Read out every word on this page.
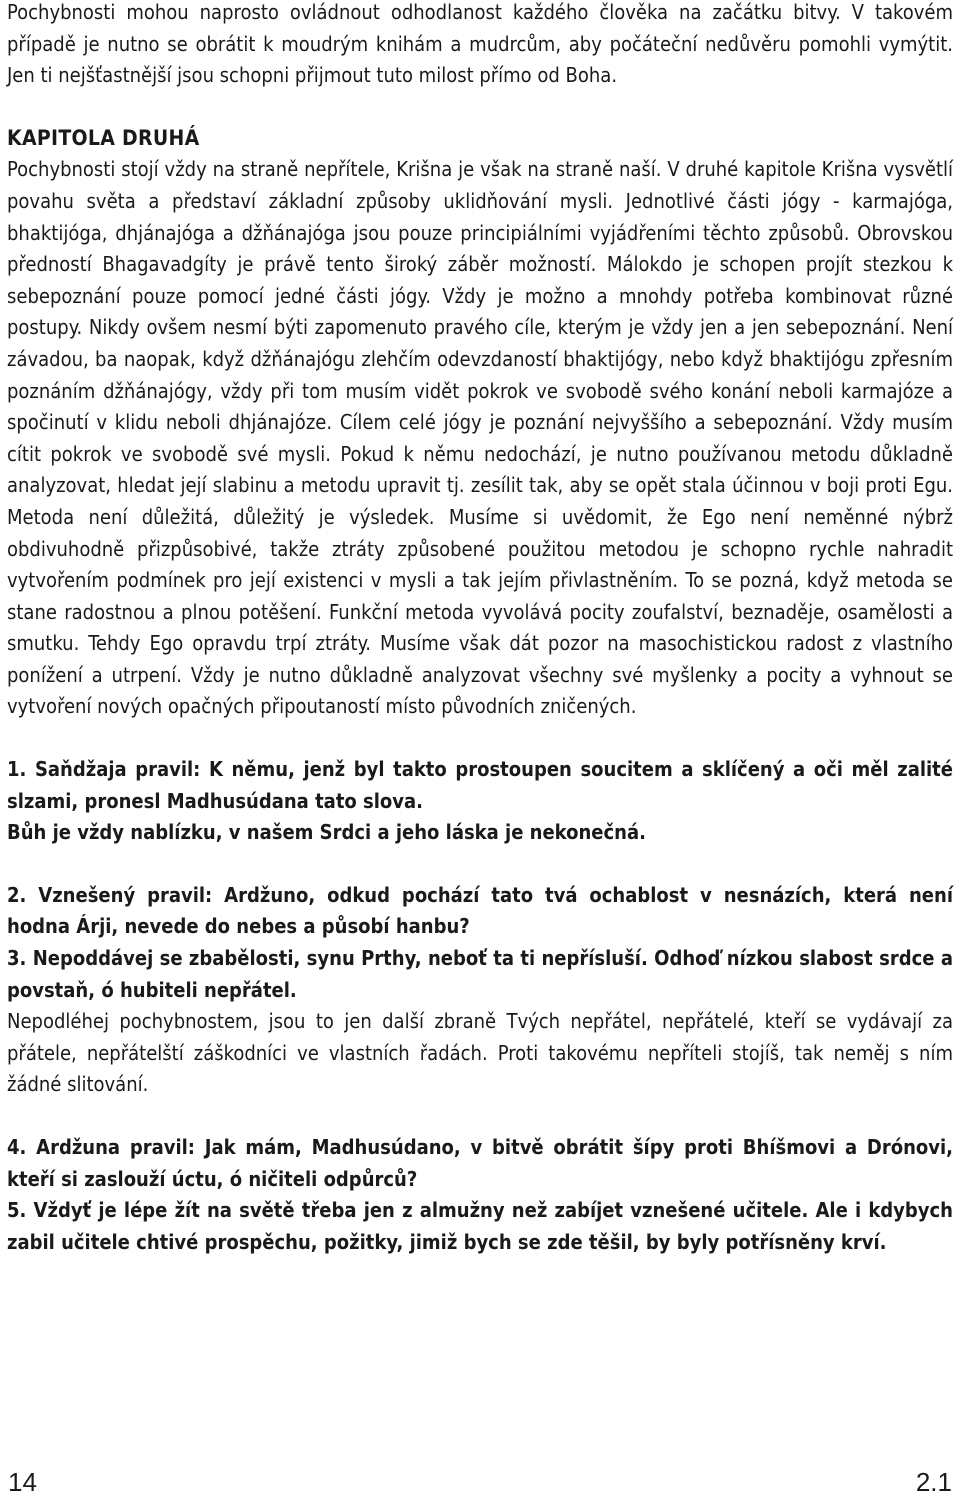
Pochybnosti mohou naprosto ovládnout odhodlanost každého člověka na začátku bitvy. V takovém případě je nutno se obrátit k moudrým knihám a mudrcům, aby počáteční nedůvěru pomohli vymýtit. Jen ti nejšťastnější jsou schopni přijmout tuto milost přímo od Boha.

KAPITOLA DRUHÁ

Pochybnosti stojí vždy na straně nepřítele, Krišna je však na straně naší. V druhé kapitole Krišna vysvětlí povahu světa a představí základní způsoby uklidňování mysli. Jednotlivé části jógy - karmajóga, bhaktijóga, dhjánajóga a džňánajóga jsou pouze principiálními vyjádřeními těchto způsobů. Obrovskou předností Bhagavadgíty je právě tento široký záběr možností. Málokdo je schopen projít stezkou k sebepoznání pouze pomocí jedné části jógy. Vždy je možno a mnohdy potřeba kombinovat různé postupy. Nikdy ovšem nesmí býti zapomenuto pravého cíle, kterým je vždy jen a jen sebepoznání. Není závadou, ba naopak, když džňánajógu zlehčím odevzdaností bhaktijógy, nebo když bhaktijógu zpřesním poznáním džňánajógy, vždy při tom musím vidět pokrok ve svobodě svého konání neboli karmajóze a spočinutí v klidu neboli dhjánajóze. Cílem celé jógy je poznání nejvyššího a sebepoznání. Vždy musím cítit pokrok ve svobodě své mysli. Pokud k němu nedochází, je nutno používanou metodu důkladně analyzovat, hledat její slabinu a metodu upravit tj. zesílit tak, aby se opět stala účinnou v boji proti Egu. Metoda není důležitá, důležitý je výsledek. Musíme si uvědomit, že Ego není neměnné nýbrž obdivuhodně přizpůsobivé, takže ztráty způsobené použitou metodou je schopno rychle nahradit vytvořením podmínek pro její existenci v mysli a tak jejím přivlastněním. To se pozná, když metoda se stane radostnou a plnou potěšení. Funkční metoda vyvolává pocity zoufalství, beznaděje, osamělosti a smutku. Tehdy Ego opravdu trpí ztráty. Musíme však dát pozor na masochistickou radost z vlastního ponížení a utrpení. Vždy je nutno důkladně analyzovat všechny své myšlenky a pocity a vyhnout se vytvoření nových opačných připoutaností místo původních zničených.

1. Saňdžaja pravil: K němu, jenž byl takto prostoupen soucitem a sklíčený a oči měl zalité slzami, pronesl Madhusúdana tato slova.

Bůh je vždy nablízku, v našem Srdci a jeho láska je nekonečná.

2. Vznešený pravil: Ardžuno, odkud pochází tato tvá ochablost v nesnázích, která není hodna Árji, nevede do nebes a působí hanbu?

3. Nepoddávej se zbabělosti, synu Prthy, neboť ta ti nepřísluší. Odhoď nízkou slabost srdce a povstaň, ó hubiteli nepřátel.

Nepodléhej pochybnostem, jsou to jen další zbraně Tvých nepřátel, nepřátelé, kteří se vydávají za přátele, nepřátelští záškodníci ve vlastních řadách. Proti takovému nepříteli stojíš, tak neměj s ním žádné slitování.

4. Ardžuna pravil: Jak mám, Madhusúdano, v bitvě obrátit šípy proti Bhíšmovi a Drónovi, kteří si zaslouží úctu, ó ničiteli odpůrců?

5. Vždyť je lépe žít na světě třeba jen z almužny než zabíjet vznešené učitele. Ale i kdybych zabil učitele chtivé prospěchu, požitky, jimiž bych se zde těšil, by byly potřísněny krví.

14	2.1
